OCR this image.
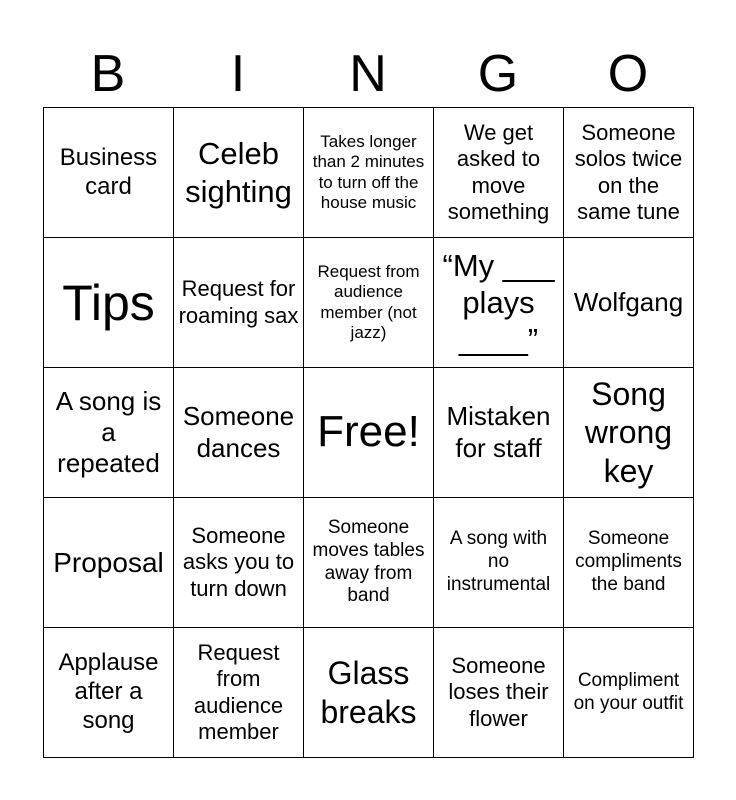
B	I	N	G	O
Business card	Celeb sighting	Takes longer than 2 minutes to turn off the house music	We get asked to move something	Someone solos twice on the same tune

Tips	Request for roaming sax	Request from audience member (not jazz)	“My ___ plays ____”	Wolfgang

A song is a repeated	Someone dances	Free!	Mistaken for staff	Song wrong key

Proposal	Someone asks you to turn down	Someone moves tables away from band	A song with no instrumental	Someone compliments the band

Applause after a song	Request from audience member	Glass breaks	Someone loses their flower	Compliment on your outfit
